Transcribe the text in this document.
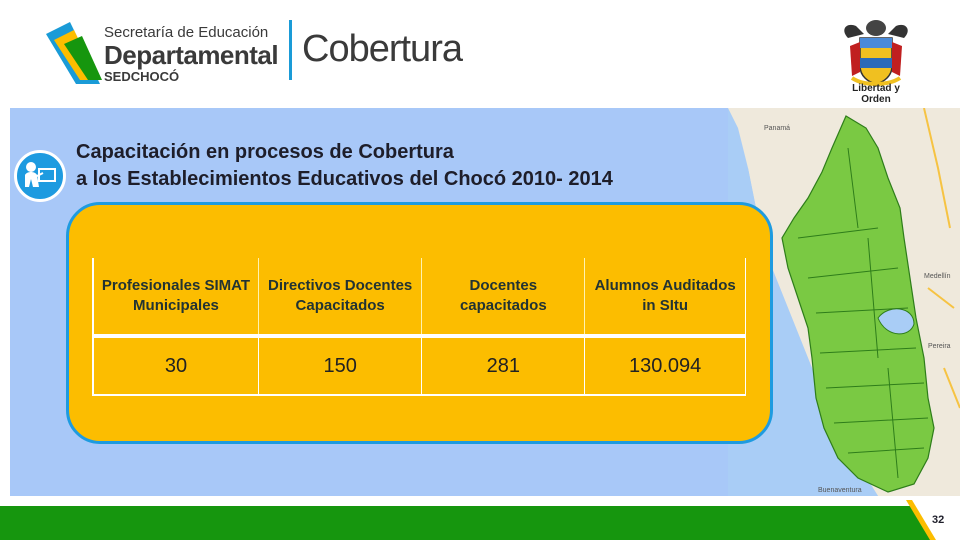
Secretaría de Educación
Departamental
SEDCHOCÓ
Cobertura
Libertad y Orden
Panamá
Medellín
Pereira
Buenaventura
Capacitación en procesos de Cobertura
a los Establecimientos Educativos del Chocó 2010- 2014
Profesionales SIMAT Municipales	Directivos Docentes Capacitados	Docentes capacitados	Alumnos Auditados in SItu
30	150	281	130.094
32
